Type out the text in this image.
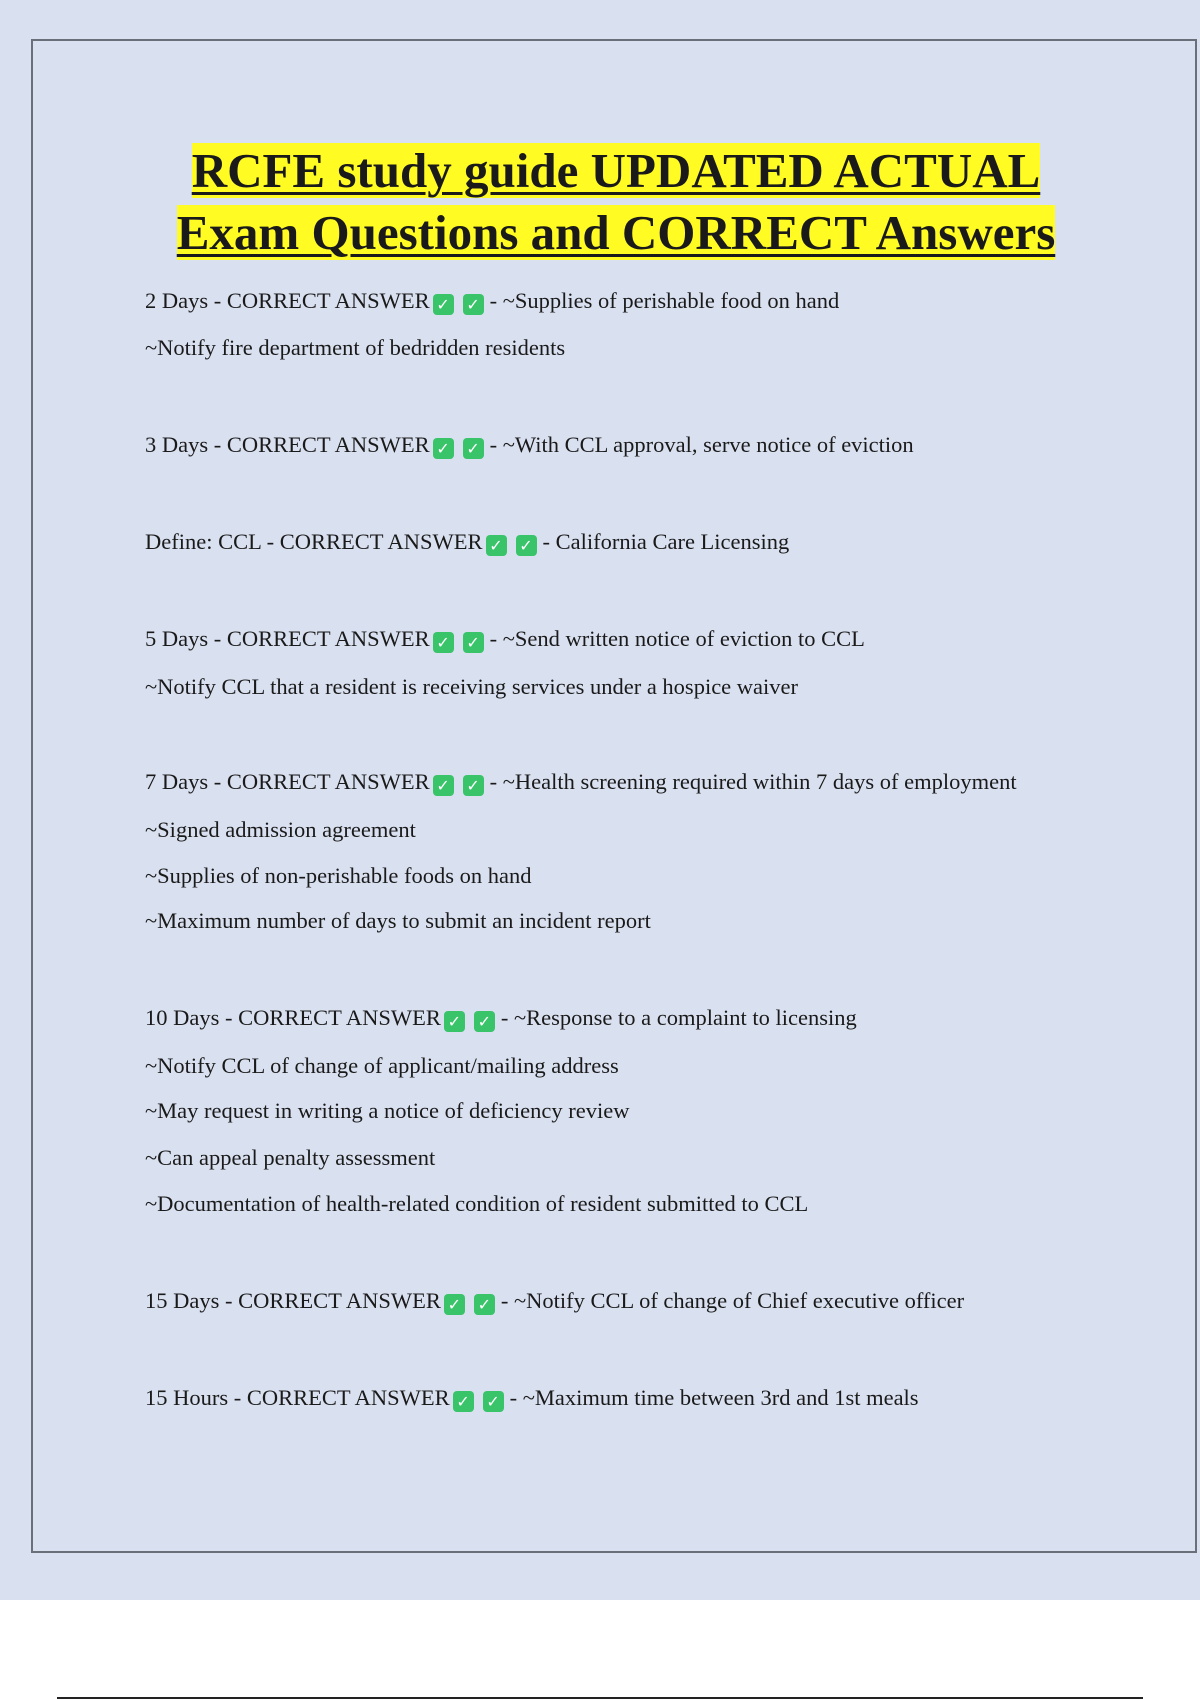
RCFE study guide UPDATED ACTUAL
Exam Questions and CORRECT Answers
2 Days - CORRECT ANSWER ✓ ✓ - ~Supplies of perishable food on hand
~Notify fire department of bedridden residents
3 Days - CORRECT ANSWER ✓ ✓ - ~With CCL approval, serve notice of eviction
Define: CCL - CORRECT ANSWER ✓ ✓ - California Care Licensing
5 Days - CORRECT ANSWER ✓ ✓ - ~Send written notice of eviction to CCL
~Notify CCL that a resident is receiving services under a hospice waiver
7 Days - CORRECT ANSWER ✓ ✓ - ~Health screening required within 7 days of employment
~Signed admission agreement
~Supplies of non-perishable foods on hand
~Maximum number of days to submit an incident report
10 Days - CORRECT ANSWER ✓ ✓ - ~Response to a complaint to licensing
~Notify CCL of change of applicant/mailing address
~May request in writing a notice of deficiency review
~Can appeal penalty assessment
~Documentation of health-related condition of resident submitted to CCL
15 Days - CORRECT ANSWER ✓ ✓ - ~Notify CCL of change of Chief executive officer
15 Hours - CORRECT ANSWER ✓ ✓ - ~Maximum time between 3rd and 1st meals
